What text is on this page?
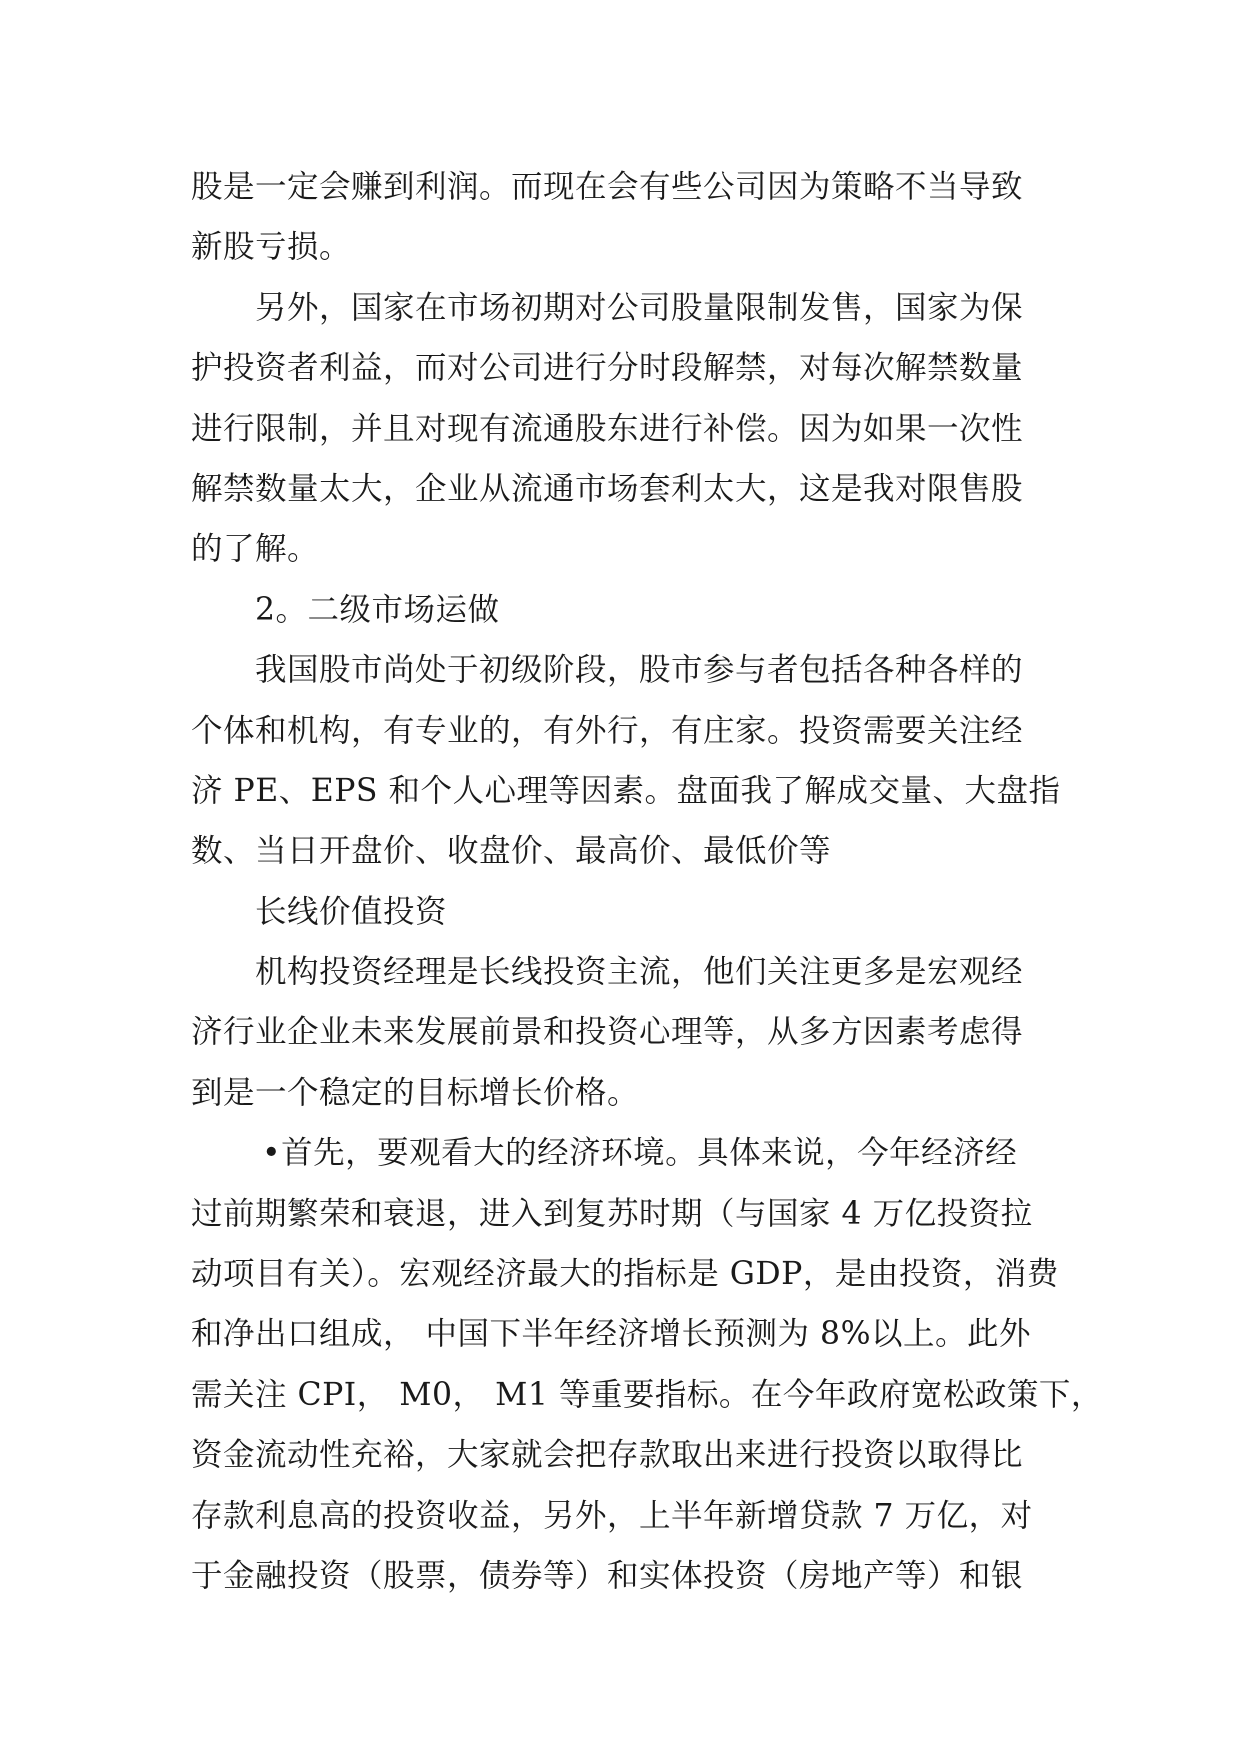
股是一定会赚到利润。而现在会有些公司因为策略不当导致
新股亏损。
另外，国家在市场初期对公司股量限制发售，国家为保
护投资者利益，而对公司进行分时段解禁，对每次解禁数量
进行限制，并且对现有流通股东进行补偿。因为如果一次性
解禁数量太大，企业从流通市场套利太大，这是我对限售股
的了解。
2。二级市场运做
我国股市尚处于初级阶段，股市参与者包括各种各样的
个体和机构，有专业的，有外行，有庄家。投资需要关注经
济 PE、EPS 和个人心理等因素。盘面我了解成交量、大盘指
数、当日开盘价、收盘价、最高价、最低价等
长线价值投资
机构投资经理是长线投资主流，他们关注更多是宏观经
济行业企业未来发展前景和投资心理等，从多方因素考虑得
到是一个稳定的目标增长价格。
•首先，要观看大的经济环境。具体来说，今年经济经
过前期繁荣和衰退，进入到复苏时期（与国家 4 万亿投资拉
动项目有关）。宏观经济最大的指标是 GDP，是由投资，消费
和净出口组成， 中国下半年经济增长预测为 8%以上。此外
需关注 CPI， M0， M1 等重要指标。在今年政府宽松政策下，
资金流动性充裕，大家就会把存款取出来进行投资以取得比
存款利息高的投资收益，另外，上半年新增贷款 7 万亿，对
于金融投资（股票，债券等）和实体投资（房地产等）和银
